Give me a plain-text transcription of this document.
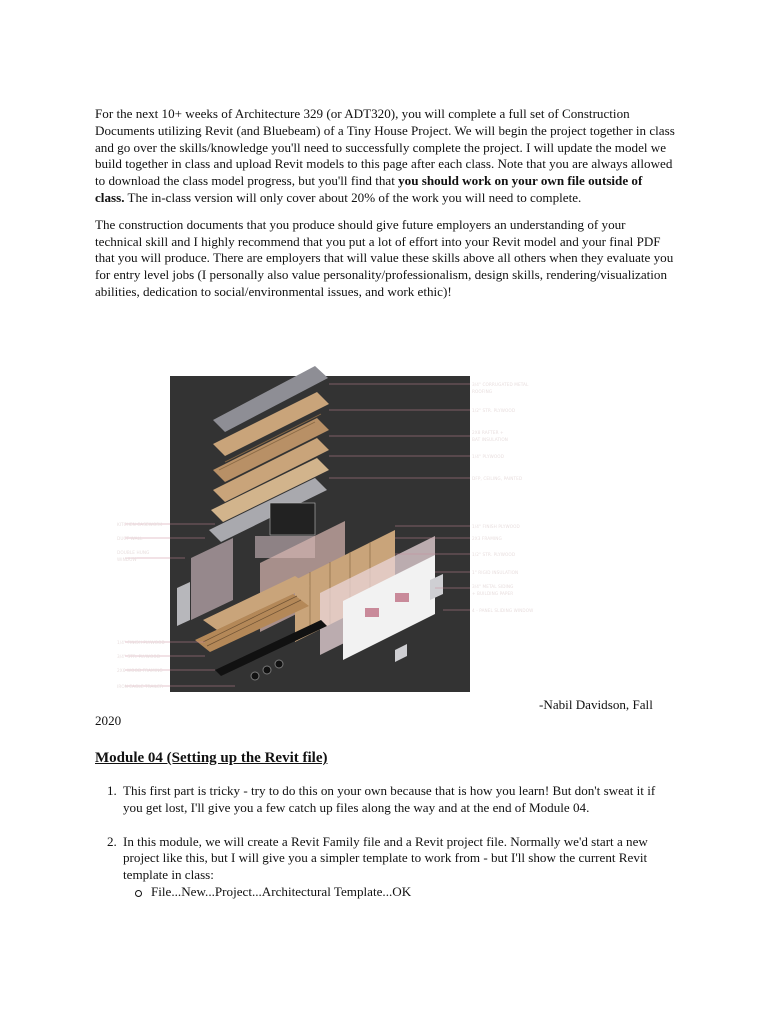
For the next 10+ weeks of Architecture 329 (or ADT320), you will complete a full set of Construction Documents utilizing Revit (and Bluebeam) of a Tiny House Project. We will begin the project together in class and go over the skills/knowledge you'll need to successfully complete the project. I will update the model we build together in class and upload Revit models to this page after each class. Note that you are always allowed to download the class model progress, but you'll find that you should work on your own file outside of class. The in-class version will only cover about 20% of the work you will need to complete.

The construction documents that you produce should give future employers an understanding of your technical skill and I highly recommend that you put a lot of effort into your Revit model and your final PDF that you will produce. There are employers that will value these skills above all others when they evaluate you for entry level jobs (I personally also value personality/professionalism, design skills, rendering/visualization abilities, dedication to social/environmental issues, and work ethic)!

3/4" CORRUGATED METAL
ROOFING
1/2" STR. PLYWOOD
2X8 RAFTER +
BAT INSULATION
1/4" PLYWOOD
DFP, CEILING, PAINTED
1/4" FINISH PLYWOOD
2X3 FRAMING
1/2" STR. PLYWOOD
1" RIGID INSULATION
3/4" METAL SIDING
+ BUILDING PAPER
4 - PANEL SLIDING WINDOW
KITCHEN CASEWORK
DUCT WALL
DOUBLE HUNG
WINDOW
1/4" FINISH PLYWOOD
3/4" STR. PLYWOOD
2X6 WOOD FRAMING
IRON EAGLE TRAILER
-Nabil Davidson, Fall
2020
Module 04 (Setting up the Revit file)
1. This first part is tricky - try to do this on your own because that is how you learn! But don't sweat it if you get lost, I'll give you a few catch up files along the way and at the end of Module 04.
2. In this module, we will create a Revit Family file and a Revit project file. Normally we'd start a new project like this, but I will give you a simpler template to work from - but I'll show the current Revit template in class:
File...New...Project...Architectural Template...OK
